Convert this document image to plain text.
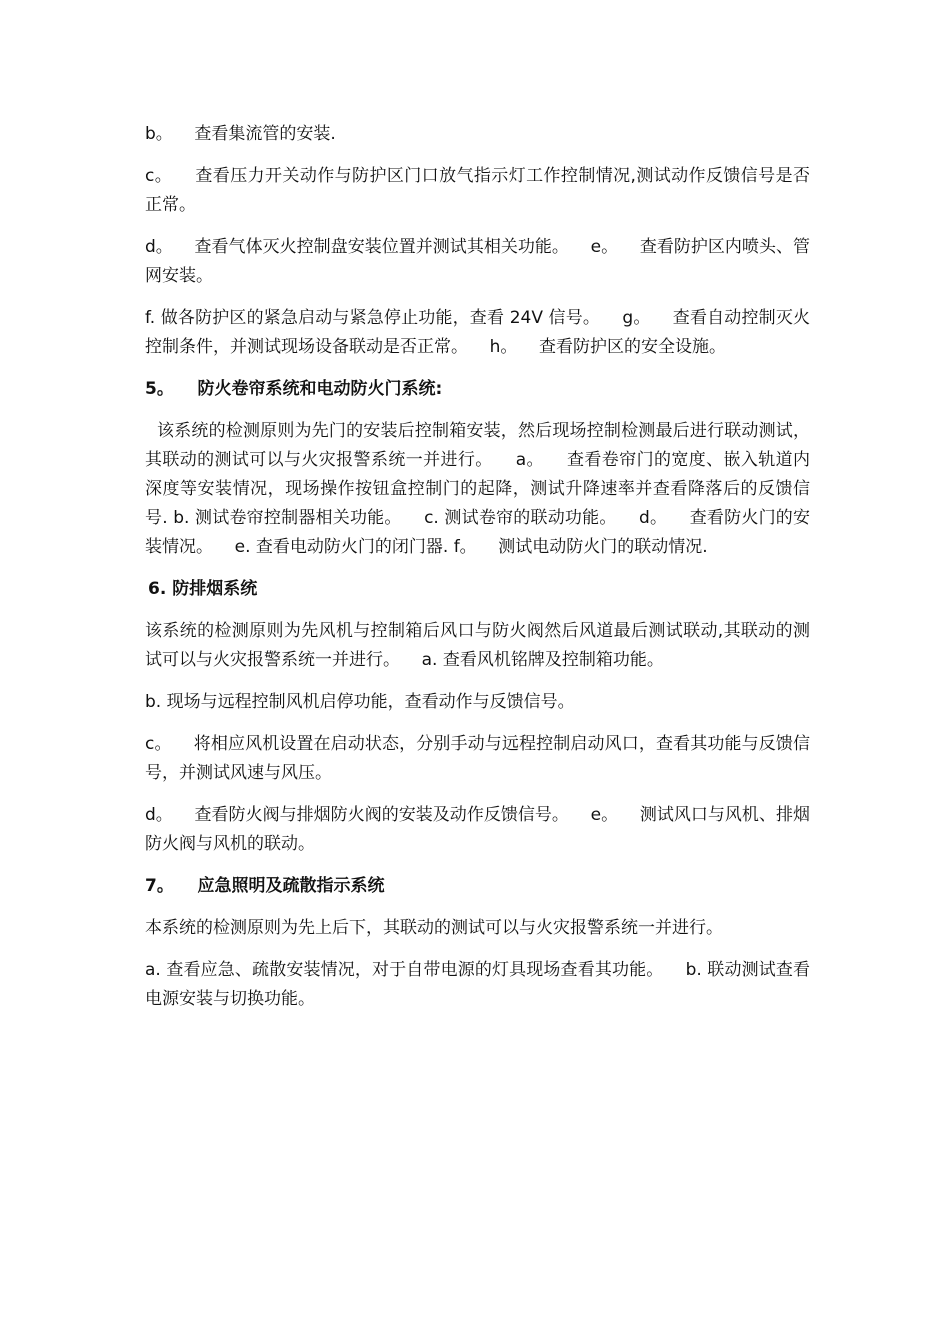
b。    查看集流管的安装.

c。    查看压力开关动作与防护区门口放气指示灯工作控制情况,测试动作反馈信号是否正常。

d。    查看气体灭火控制盘安装位置并测试其相关功能。    e。    查看防护区内喷头、管网安装。

f. 做各防护区的紧急启动与紧急停止功能，查看 24V 信号。    g。    查看自动控制灭火控制条件，并测试现场设备联动是否正常。    h。    查看防护区的安全设施。

5。    防火卷帘系统和电动防火门系统:

该系统的检测原则为先门的安装后控制箱安装，然后现场控制检测最后进行联动测试，其联动的测试可以与火灾报警系统一并进行。    a。    查看卷帘门的宽度、嵌入轨道内深度等安装情况，现场操作按钮盒控制门的起降，测试升降速率并查看降落后的反馈信号. b. 测试卷帘控制器相关功能。    c. 测试卷帘的联动功能。    d。    查看防火门的安装情况。    e. 查看电动防火门的闭门器. f。    测试电动防火门的联动情况.

6. 防排烟系统

该系统的检测原则为先风机与控制箱后风口与防火阀然后风道最后测试联动,其联动的测试可以与火灾报警系统一并进行。    a. 查看风机铭牌及控制箱功能。

b. 现场与远程控制风机启停功能，查看动作与反馈信号。

c。    将相应风机设置在启动状态，分别手动与远程控制启动风口，查看其功能与反馈信号，并测试风速与风压。

d。    查看防火阀与排烟防火阀的安装及动作反馈信号。    e。    测试风口与风机、排烟防火阀与风机的联动。

7。    应急照明及疏散指示系统

本系统的检测原则为先上后下，其联动的测试可以与火灾报警系统一并进行。

a. 查看应急、疏散安装情况，对于自带电源的灯具现场查看其功能。    b. 联动测试查看电源安装与切换功能。
